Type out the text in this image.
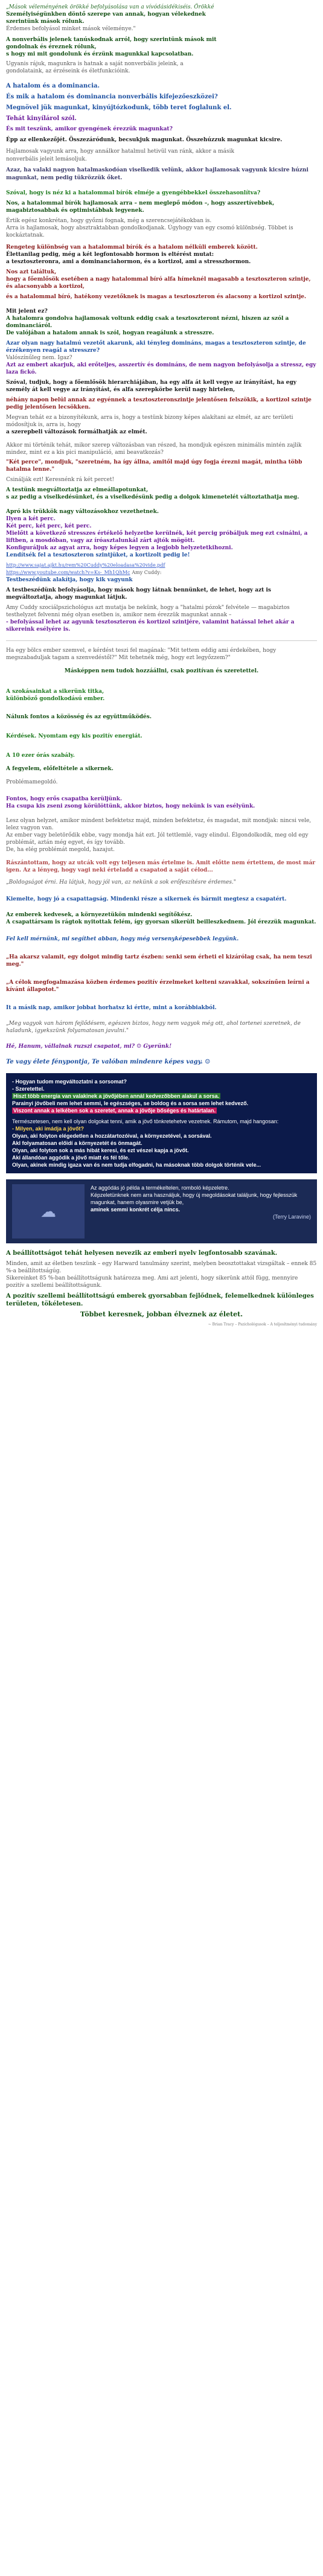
„Mások véleményének örökké befolyásolása van a vívódásidékiséis. Örökké

Személyiségünkben döntő szerepe van annak, hogyan vélekednek

szerintünk mások rólunk.

Érdemes befolyásol minket mások véleménye."

A nonverbális jelenek tanúskodnak arról, hogy szerintünk mások mit

gondolnak és éreznek rólunk,

s hogy mi mit gondolunk és érzünk magunkkal kapcsolatban.

Ugyanis rájuk, magunkra is hatnak a saját nonverbális jeleink, a

gondolataink, az érzéseink és életfunkcióink.

A hatalom és a dominancia.

És mik a hatalom és dominancia nonverbális kifejezőeszközei?

Megnövel jük magunkat, kinyújtózkodunk, több teret foglalunk el.

Tehát kinyílárol szól.

És mit teszünk, amikor gyengének érezzük magunkat?

Épp az ellenkezőjét. Összezáródunk, becsukjuk magunkat. Összehúzzuk magunkat kicsire.

Hajlamosak vagyunk arra, hogy annálkor hatalmul hetivül van ránk, akkor a másik

nonverbális jeleit lemásoljuk.

Azaz, ha valaki nagyon hatalmaskodóan viselkedik velünk, akkor hajlamosak vagyunk kicsire húzni magunkat, nem pedig tükrözzük őket.

Szóval, hogy is néz ki a hatalommal bírók elméje a gyengébbekkel összehasonlítva?

Nos, a hatalommal bírók hajlamosak arra – nem meglepő módon –, hogy asszertívebbek, magabiztosabbak és optimistábbak legyenek.

Értik egész konkrétan, hogy győzni fognak, még a szerencsejátékokban is.

Arra is hajlamosak, hogy absztraktabban gondolkodjanak. Úgyhogy van egy csomó különbség. Többet is kockáztatnak.

Rengeteg különbség van a hatalommal bírók és a hatalom nélküli emberek között.

Élettanilag pedig, még a két legfontosabb hormon is eltérést mutat:

a tesztoszteronra, ami a dominanciahormon, és a kortizol, ami a stresszhormon.

Nos azt találtuk,

hogy a főemlősök esetében a nagy hatalommal bíró alfa hímeknél magasabb a tesztoszteron szintje, és alacsonyabb a kortizol,

és a hatalommal bíró, hatékony vezetőknek is magas a tesztoszteron és alacsony a kortizol szintje.

Mit jelent ez?

A hatalomra gondolva hajlamosak voltunk eddig csak a tesztoszteront nézni, hiszen az szól a dominanciáról.

De valójában a hatalom annak is szól, hogyan reagálunk a stresszre.

Azar olyan nagy hatalmú vezetőt akarunk, aki tényleg domináns, magas a tesztoszteron szintje, de érzékenyen reagál a stresszre?

Valószínűleg nem. Igaz?

Azt az embert akarjuk, aki erőteljes, asszertív és domináns, de nem nagyon befolyásolja a stressz, egy laza fickó.

Szóval, tudjuk, hogy a főemlősök hierarchiájában, ha egy alfa át kell vegye az irányítást, ha egy személy át kell vegye az irányítást, és alfa szerepkörbe kerül nagy hirtelen,

néhány napon belül annak az egyénnek a tesztoszteronszintje jelentősen felszökik, a kortizol szintje pedig jelentősen lecsökken.

Megvan tehát ez a bizonyítékunk, arra is, hogy a testünk bizony képes alakítani az elmét, az arc területi módosítjuk is, arra is, hogy

a szerepbeli változások formálhatják az elmét.

Akkor mi történik tehát, mikor szerep változásban van részed, ha mondjuk egészen minimális mintén zajlik mindez, mint ez a kis pici manipuláció, ami beavatkozás?

"Két perce", mondjuk, "szeretném, ha így állna, amitől majd úgy fogja érezni magát, mintha több hatalma lenne."

Csinálják ezt! Keresnénk rá két percet!

A testünk megváltoztatja az elmeállapotunkat,

s az pedig a viselkedésünket, és a viselkedésünk pedig a dolgok kimenetelét változtathatja meg.

Apró kis trükkök nagy változásokhoz vezethetnek.

Ilyen a két perc.

Két perc, két perc, két perc.

Mielőtt a következő stresszes értékelő helyzetbe kerülnék, két percig próbáljuk meg ezt csinálni, a liftben, a mosdóban, vagy az íróasztalunkál zárt ajtók mögött.

Konfiguráljuk az agyat arra, hogy képes legyen a legjobb helyzetetkihozni.

Lendítsék fel a tesztoszteron szintjüket, a kortizolt pedig le!

http://www.sajat.ajkt.hu/rem%20Cuddy%20eloadasa%20vide.pdf

https://www.youtube.com/watch?v=Ks-_Mh1QhMc Amy Cuddy:

Testbeszédünk alakítja, hogy kik vagyunk

A testbeszédünk befolyásolja, hogy mások hogy látnak bennünket, de lehet, hogy azt is megváltoztatja, ahogy magunkat látjuk.

Amy Cuddy szociálpszichológus azt mutatja be nekünk, hogy a "hatalmi pózok" felvétele — magabiztos testhelyzet felvenni még olyan esetben is, amikor nem érezzük magunkat annak –

- befolyással lehet az agyunk tesztoszteron és kortizol szintjére, valamint hatással lehet akár a sikereink esélyére is.

Ha egy bölcs ember szemvel, e kérdést teszi fel magának: "Mit tettem eddig ami érdekében, hogy megszabaduljak tagam a szenvedéstől?" Mit tehetnék még, hogy ezt legyőzzem?"

Másképpen nem tudok hozzáállni, csak pozitívan és szeretettel.

A szokásainkat a sikerünk titka,

különböző gondolkodású ember.

Nálunk fontos a közösség és az együttműködés.

Kérdések. Nyomtam egy kis pozitív energiát.

A 10 ezer órás szabály.

A fegyelem, előfeltétele a sikernek.

Problémamegoldó.

Fontos, hogy erős csapatba kerüljünk.

Ha csupa kis zseni zsong körülöttünk, akkor biztos, hogy nekünk is van esélyünk.

Lesz olyan helyzet, amikor mindent befektetsz majd, minden befektetsz, és magadat, mit mondjak: nincsi vele, lelez vagyon van.

Az ember vagy beletörődik ebbe, vagy mondja hát ezt. Jól tettlemlé, vagy elindul. Élgondolkodik, meg old egy problémát, aztán még egyet, és így tovább.

De, ha elég problémát megold, hazajut.

Rászántottam, hogy az utcák volt egy teljesen más értelme is. Amit előtte nem értettem, de most már igen. Az a lényeg, hogy vagi neki érteladd a csapatod a saját célod...

„Boldogságot érni. Ha látjuk, hogy jól van, az nekünk a sok erőfeszítésre érdemes."

Kiemelte, hogy jó a csapattagság. Mindenki része a sikernek és bármit megtesz a csapatért.

Az emberek kedvesek, a környezetükön mindenki segítőkész.

A csapattársam is rágtok nyitottak felém, így gyorsan sikerült beilleszkednem. Jól érezzük magunkat.

Fel kell mérnünk, mi segíthet abban, hogy még versenyképesebbek legyünk.

„Ha akarsz valamit, egy dolgot mindig tartz észben: senki sem érheti el kizárólag csak, ha nem teszi meg."

„A célok megfogalmazása közben érdemes pozitív érzelmeket kelteni szavakkal, sokszínűen leírni a kívánt állapotot."

It a másik nap, amikor jobbat horhatsz ki értte, mint a korábbiakból.

„Meg vagyok van három fejlődésem, egészen biztos, hogy nem vagyok még ott, ahol tortenei szeretnek, de haladunk, igyekszünk folyamatosan javulni."

Hé, Hanum, vállalnak ruzszi csapatot, mi? ☺ Gyerünk!

Te vagy élete fénypontja, Te valóban mindenre képes vagy. ☺

- Hogyan tudom megváltoztatni a sorsomat?
- Szeretettel.
Hiszt több energia van valakinek a jövőjében annál kedvezőbben alakul a sorsa.
Parainyi jövőbeli nem lehet semmi, le egészséges, se boldog és a sorsa sem lehet kedvező.
Viszont annak a lelkében sok a szeretet, annak a jövője bőséges és határtalan.
Természetesen, nem kell olyan dolgokat tenni, amik a jövő tönkretehetve vezetnek. Rámutom, majd hangosan:
- Milyen, aki imádja a jövőt?
Olyan, aki folyton elégedetlen a hozzátartozóival, a környezetével, a sorsával.
Akl folyamatosan előidí a környezetét és önmagát.
Olyan, aki folyton sok a más hibát keresi, és ezt vészel kapja a jövőt.
Aki állandóan aggódik a jövő miatt és fél tőle.
Olyan, akinek mindig igaza van és nem tudja elfogadni, ha másoknak több dolgok történik vele...
☁
Az aggódás jó példa a termékeltelen, romboló képzeletre.
Képzeletünknek nem arra használjuk, hogy új megoldásokat találjunk, hogy fejlesszük magunkat, hanem olyasmire vetjük be,
aminek semmi konkrét célja nincs.
(Terry Laravine)

A beállítottságot tehát helyesen nevezik az emberi nyelv legfontosabb szavának.

Minden, amit az életben teszünk – egy Harward tanulmány szerint, melyben beosztottakat vizsgáltak – ennek 85 %-a beállítottságúg.

Sikereinket 85 %-ban beállítottságunk határozza meg. Ami azt jelenti, hogy sikerünk attól függ, mennyire pozitív a szellemi beállítottságunk.

A pozitív szellemi beállítottságú emberek gyorsabban fejlődnek, felemelkednek különleges területen, tökéletesen.

Többet keresnek, jobban élveznek az életet.

~ Brian Tracy – Pszichológusok – A teljesítményi tudomány
